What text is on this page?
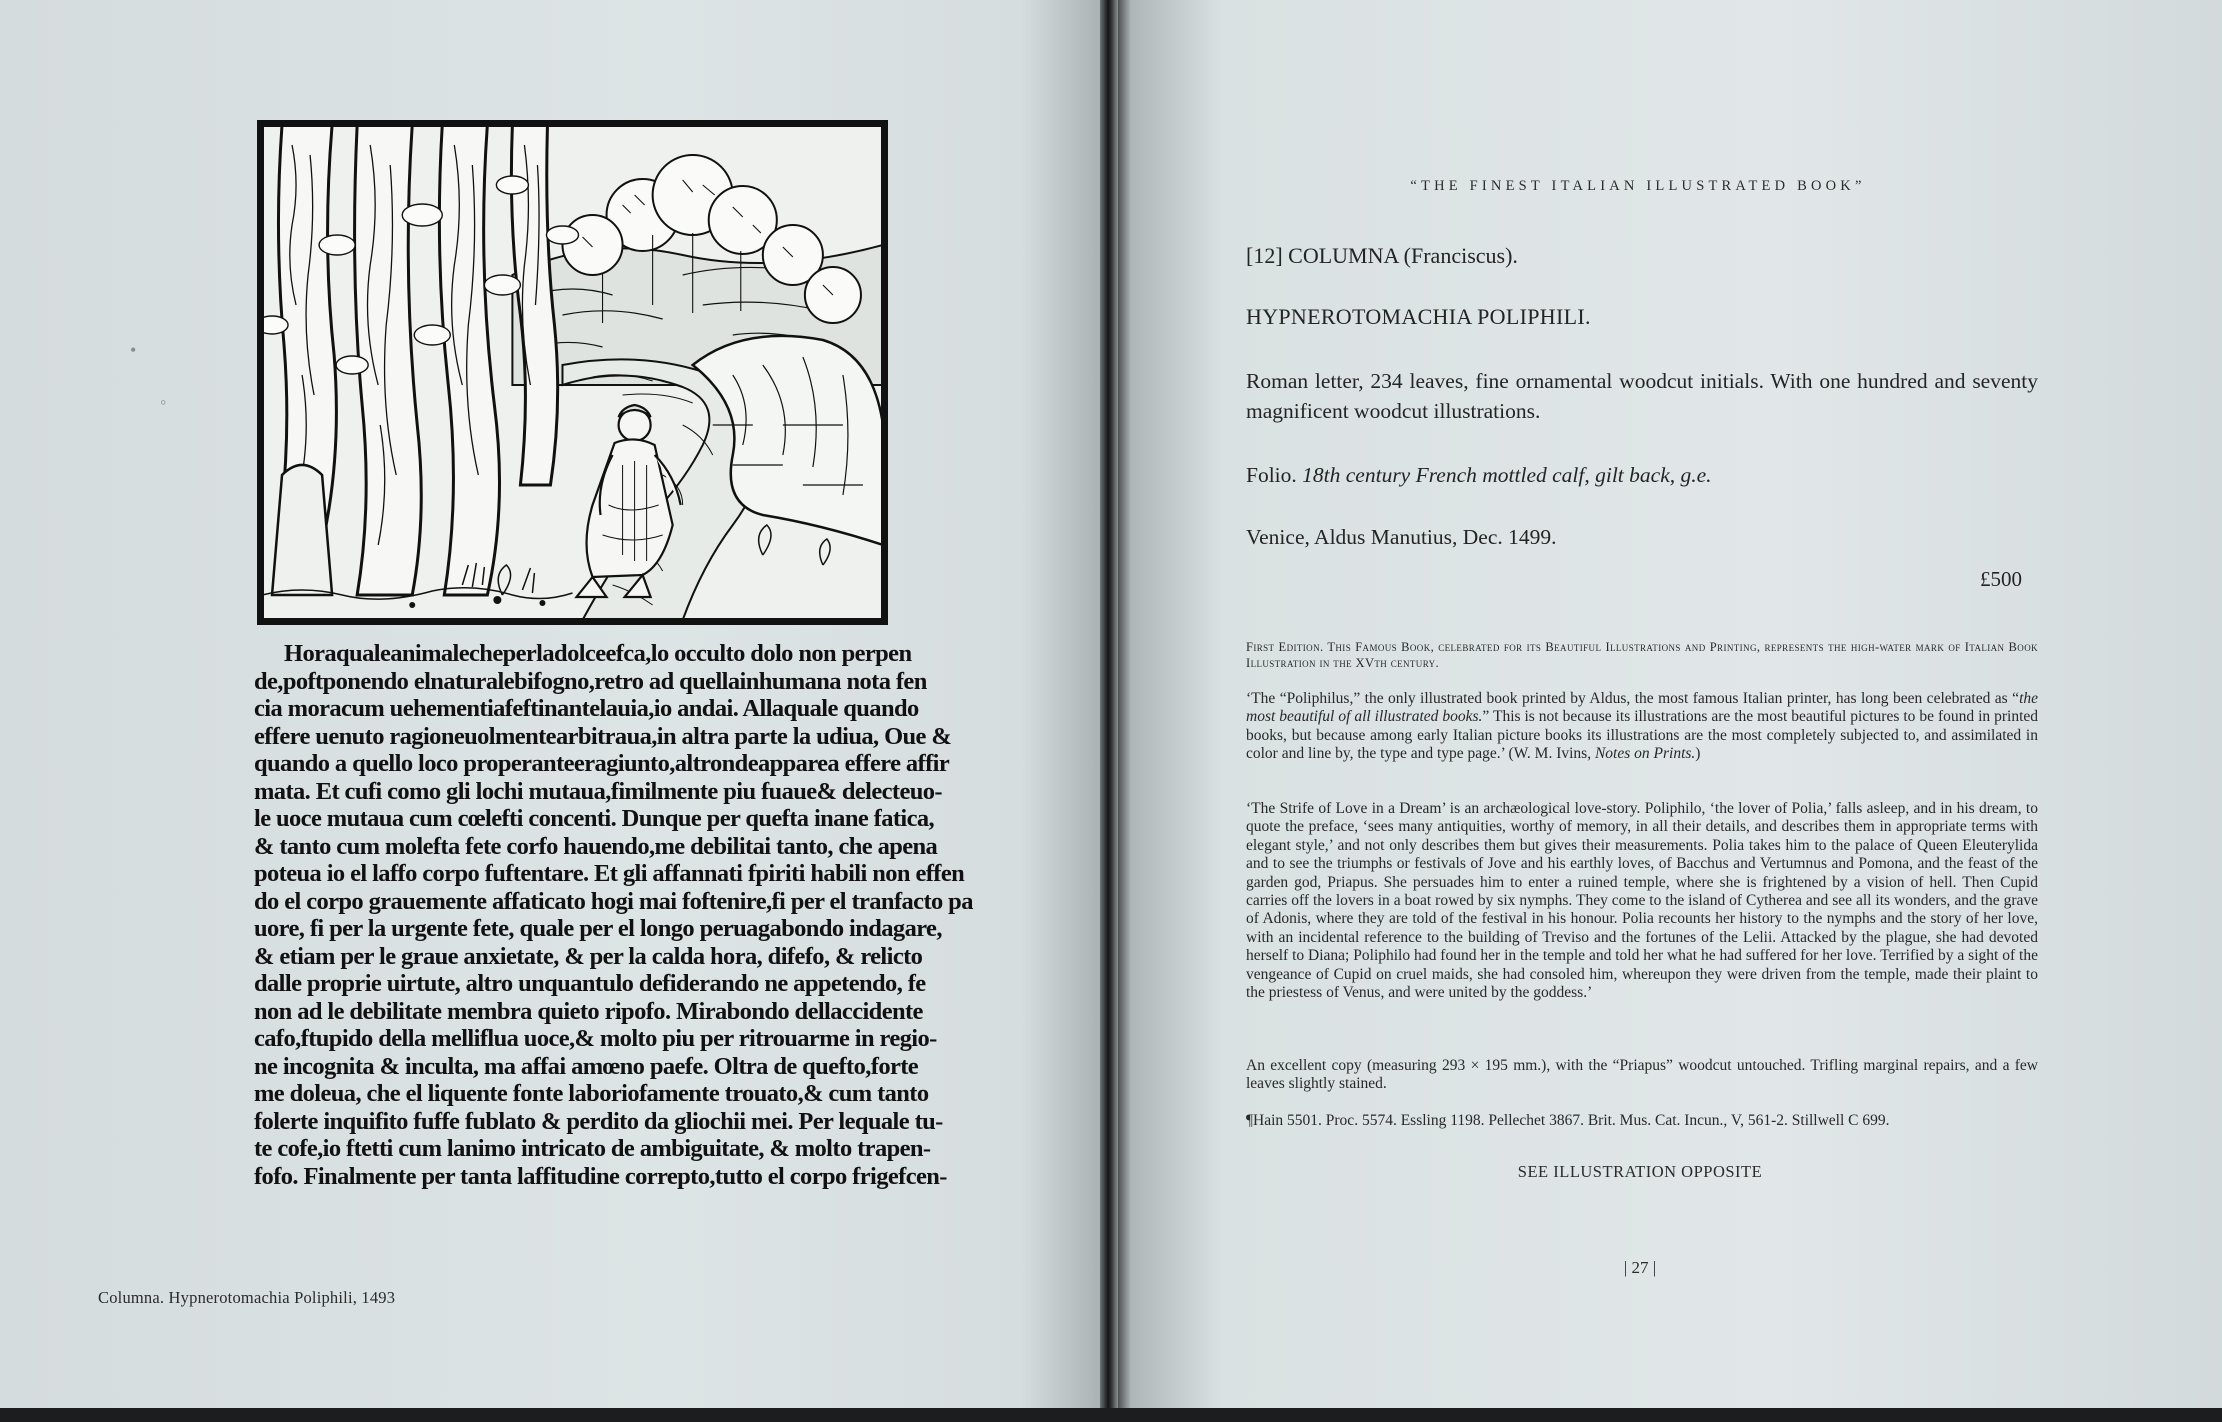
Horaqualeanimalecheperladolceefca,lo occulto dolo non perpen
de,poftponendo elnaturalebifogno,retro ad quellainhumana nota fen
cia moracum uehementiafeftinantelauia,io andai. Allaquale quando
effere uenuto ragioneuolmentearbitraua,in altra parte la udiua, Oue &
quando a quello loco properanteeragiunto,altrondeapparea effere affir
mata. Et cufi como gli lochi mutaua,fimilmente piu fuaue& delecteuo-
le uoce mutaua cum cœlefti concenti. Dunque per quefta inane fatica,
& tanto cum molefta fete corfo hauendo,me debilitai tanto, che apena
poteua io el laffo corpo fuftentare. Et gli affannati fpiriti habili non effen
do el corpo grauemente affaticato hogi mai foftenire,fi per el tranfacto pa
uore, fi per la urgente fete, quale per el longo peruagabondo indagare,
& etiam per le graue anxietate, & per la calda hora, difefo, & relicto
dalle proprie uirtute, altro unquantulo defiderando ne appetendo, fe
non ad le debilitate membra quieto ripofo. Mirabondo dellaccidente
cafo,ftupido della melliflua uoce,& molto piu per ritrouarme in regio-
ne incognita & inculta, ma affai amœno paefe. Oltra de quefto,forte
me doleua, che el liquente fonte laboriofamente trouato,& cum tanto
folerte inquifito fuffe fublato & perdito da gliochii mei. Per lequale tu-
te cofe,io ftetti cum lanimo intricato de ambiguitate, & molto trapen-
fofo. Finalmente per tanta laffitudine correpto,tutto el corpo frigefcen-
Columna. Hypnerotomachia Poliphili, 1493
“THE FINEST ITALIAN ILLUSTRATED BOOK”
[12] COLUMNA (Franciscus).
HYPNEROTOMACHIA POLIPHILI.
Roman letter, 234 leaves, fine ornamental woodcut initials. With one hundred and seventy magnificent woodcut illustrations.
Folio. 18th century French mottled calf, gilt back, g.e.
Venice, Aldus Manutius, Dec. 1499.
£500
First Edition. This Famous Book, celebrated for its Beautiful Illustrations and Printing, represents the high-water mark of Italian Book Illustration in the XVth century.
‘The “Poliphilus,” the only illustrated book printed by Aldus, the most famous Italian printer, has long been celebrated as “the most beautiful of all illustrated books.” This is not because its illustrations are the most beautiful pictures to be found in printed books, but because among early Italian picture books its illustrations are the most completely subjected to, and assimilated in color and line by, the type and type page.’ (W. M. Ivins, Notes on Prints.)
‘The Strife of Love in a Dream’ is an archæological love-story. Poliphilo, ‘the lover of Polia,’ falls asleep, and in his dream, to quote the preface, ‘sees many antiquities, worthy of memory, in all their details, and describes them in appropriate terms with elegant style,’ and not only describes them but gives their measurements. Polia takes him to the palace of Queen Eleuterylida and to see the triumphs or festivals of Jove and his earthly loves, of Bacchus and Vertumnus and Pomona, and the feast of the garden god, Priapus. She persuades him to enter a ruined temple, where she is frightened by a vision of hell. Then Cupid carries off the lovers in a boat rowed by six nymphs. They come to the island of Cytherea and see all its wonders, and the grave of Adonis, where they are told of the festival in his honour. Polia recounts her history to the nymphs and the story of her love, with an incidental reference to the building of Treviso and the fortunes of the Lelii. Attacked by the plague, she had devoted herself to Diana; Poliphilo had found her in the temple and told her what he had suffered for her love. Terrified by a sight of the vengeance of Cupid on cruel maids, she had consoled him, whereupon they were driven from the temple, made their plaint to the priestess of Venus, and were united by the goddess.’
An excellent copy (measuring 293 × 195 mm.), with the “Priapus” woodcut untouched. Trifling marginal repairs, and a few leaves slightly stained.
¶Hain 5501. Proc. 5574. Essling 1198. Pellechet 3867. Brit. Mus. Cat. Incun., V, 561-2. Stillwell C 699.
SEE ILLUSTRATION OPPOSITE
| 27 |
•
◦
